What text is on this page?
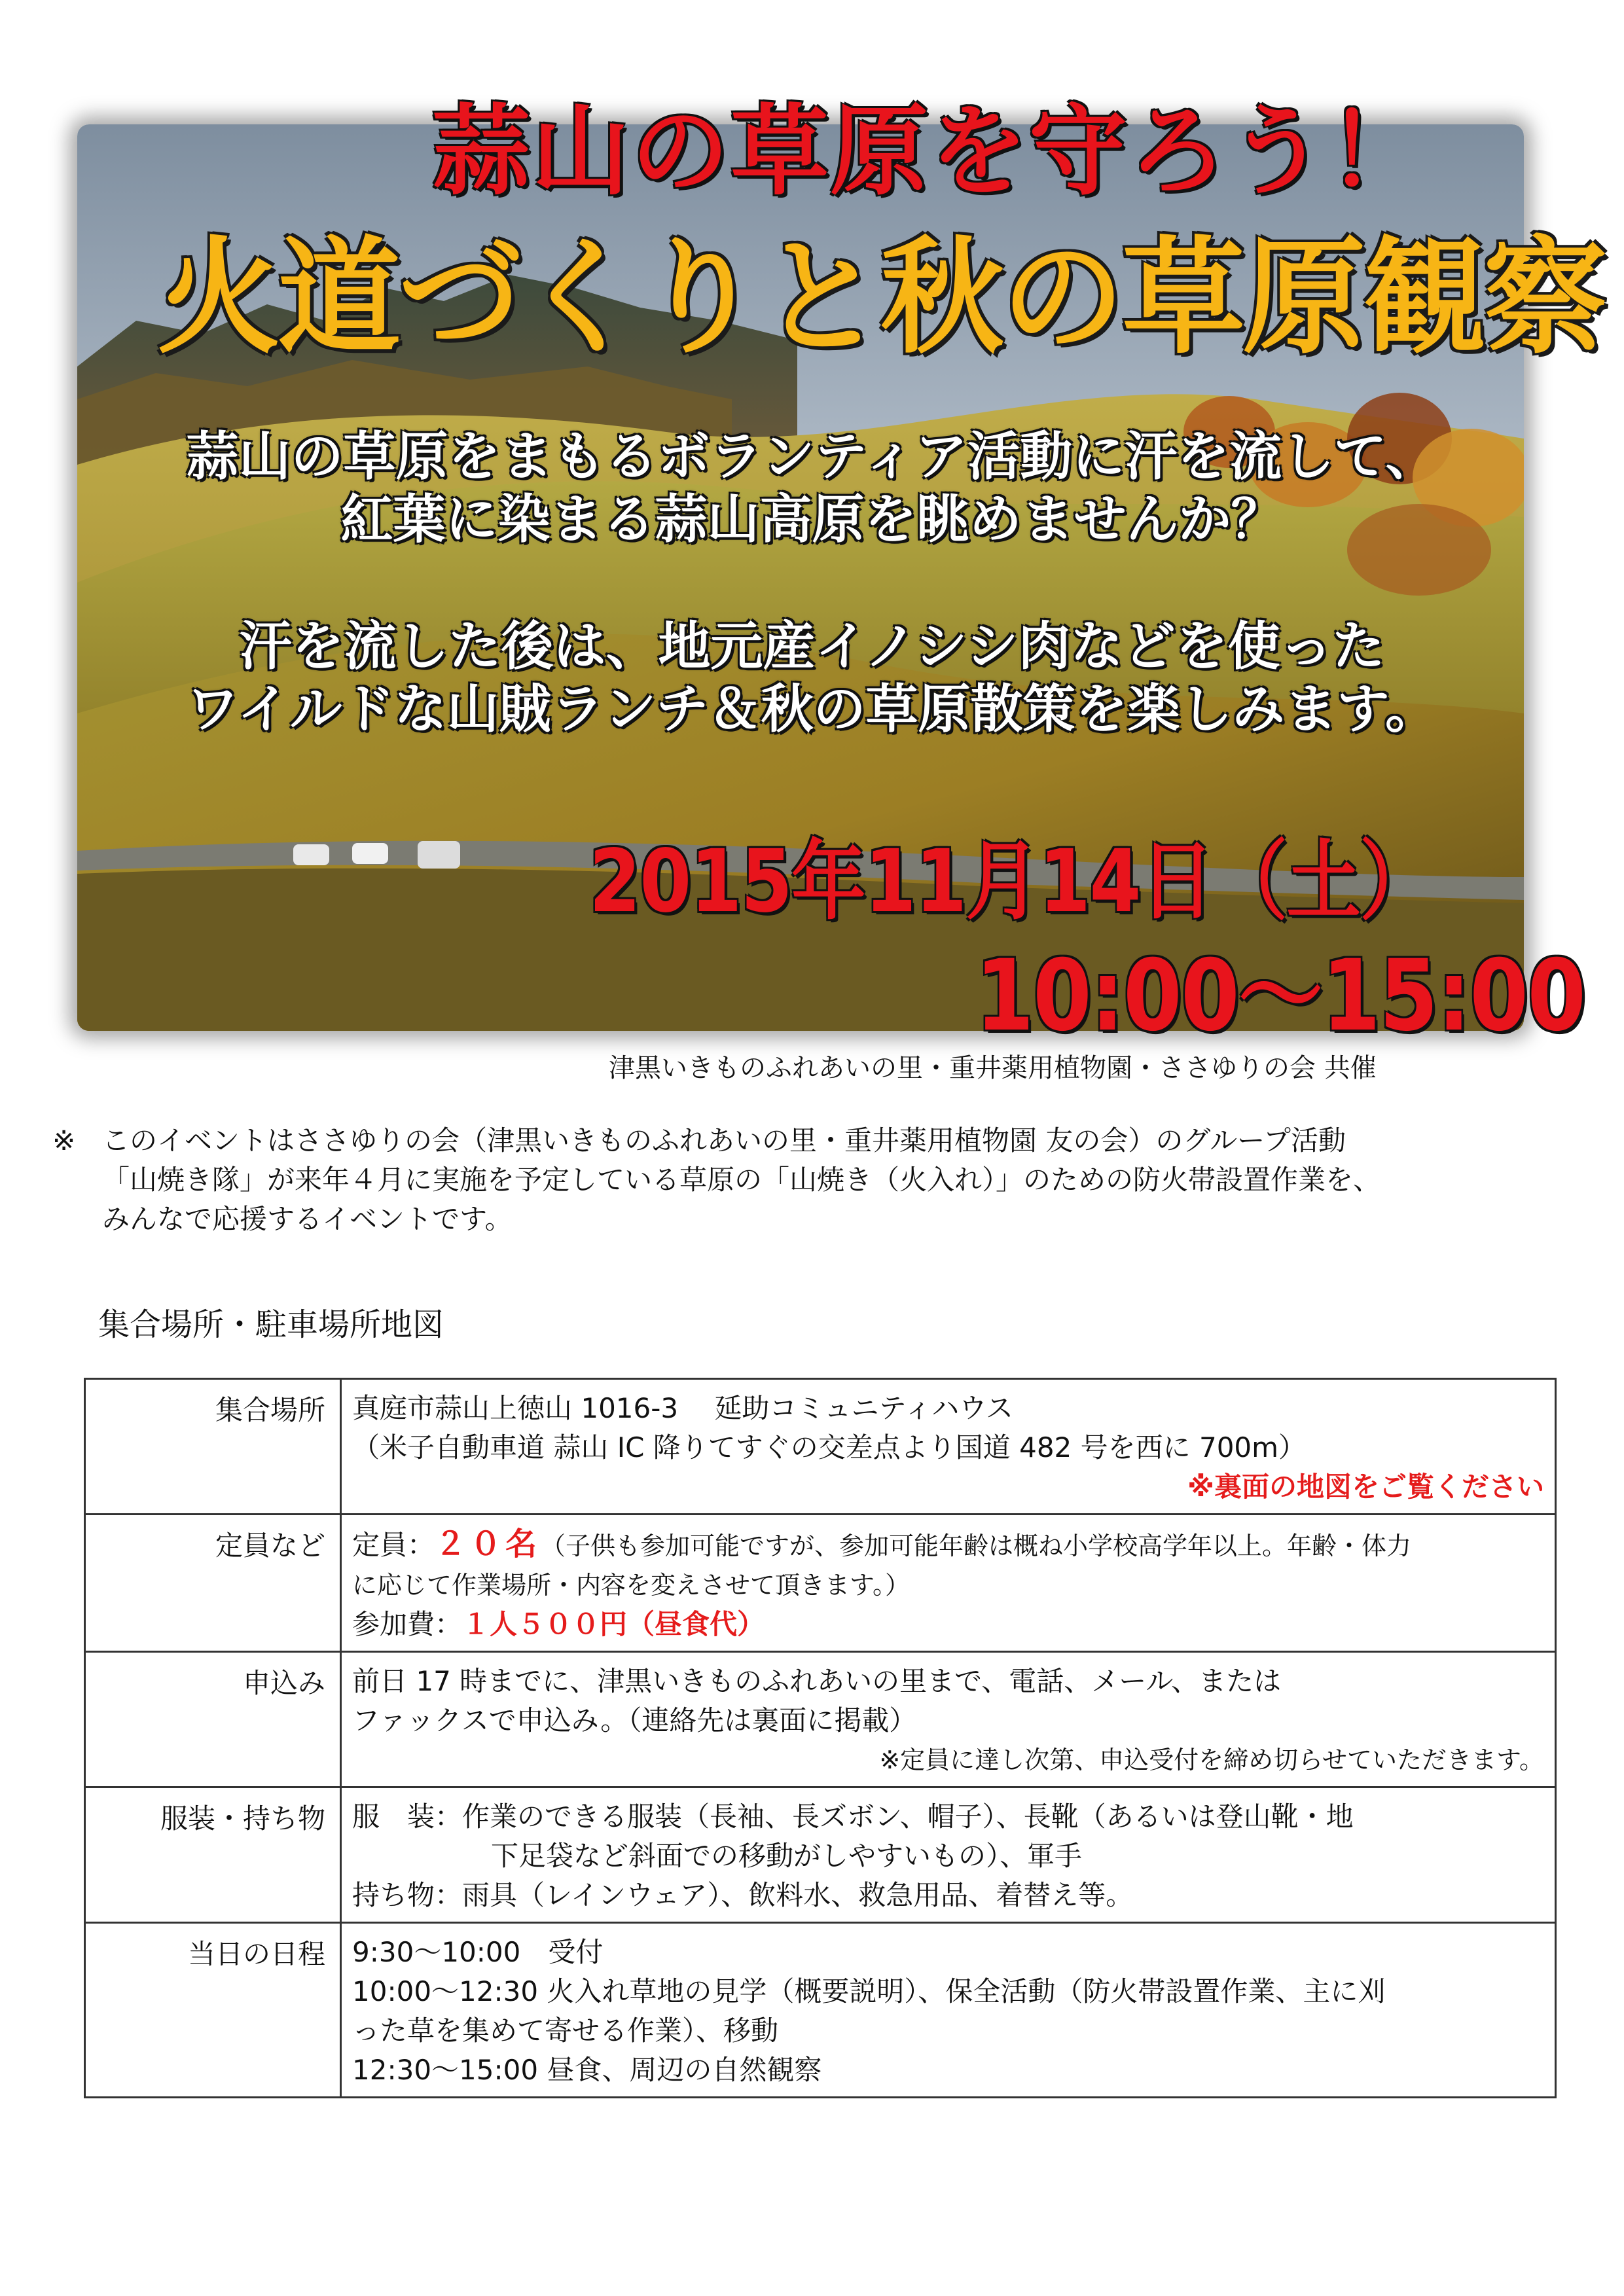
蒜山の草原を守ろう！
火道づくりと秋の草原観察

蒜山の草原をまもるボランティア活動に汗を流して、

紅葉に染まる蒜山高原を眺めませんか？

汗を流した後は、地元産イノシシ肉などを使った

ワイルドな山賊ランチ＆秋の草原散策を楽しみます。

2015年11月14日（土）

10:00〜15:00

津黒いきものふれあいの里・重井薬用植物園・ささゆりの会 共催
※ このイベントはささゆりの会（津黒いきものふれあいの里・重井薬用植物園 友の会）のグループ活動
「山焼き隊」が来年４月に実施を予定している草原の「山焼き（火入れ）」のための防火帯設置作業を、
みんなで応援するイベントです。
集合場所・駐車場所地図
集合場所	真庭市蒜山上徳山 1016-3　 延助コミュニティハウス
（米子自動車道 蒜山 IC 降りてすぐの交差点より国道 482 号を西に 700m）
※裏面の地図をご覧ください

定員など	定員：２０名（子供も参加可能ですが、参加可能年齢は概ね小学校高学年以上。年齢・体力
に応じて作業場所・内容を変えさせて頂きます。）
参加費：１人５００円（昼食代）

申込み	前日 17 時までに、津黒いきものふれあいの里まで、電話、メール、または
ファックスで申込み。（連絡先は裏面に掲載）
※定員に達し次第、申込受付を締め切らせていただきます。

服装・持ち物	服　装：作業のできる服装（長袖、長ズボン、帽子）、長靴（あるいは登山靴・地
下足袋など斜面での移動がしやすいもの）、軍手
持ち物：雨具（レインウェア）、飲料水、救急用品、着替え等。

当日の日程	9:30〜10:00　受付
10:00〜12:30 火入れ草地の見学（概要説明）、保全活動（防火帯設置作業、主に刈
った草を集めて寄せる作業）、移動
12:30〜15:00 昼食、周辺の自然観察
